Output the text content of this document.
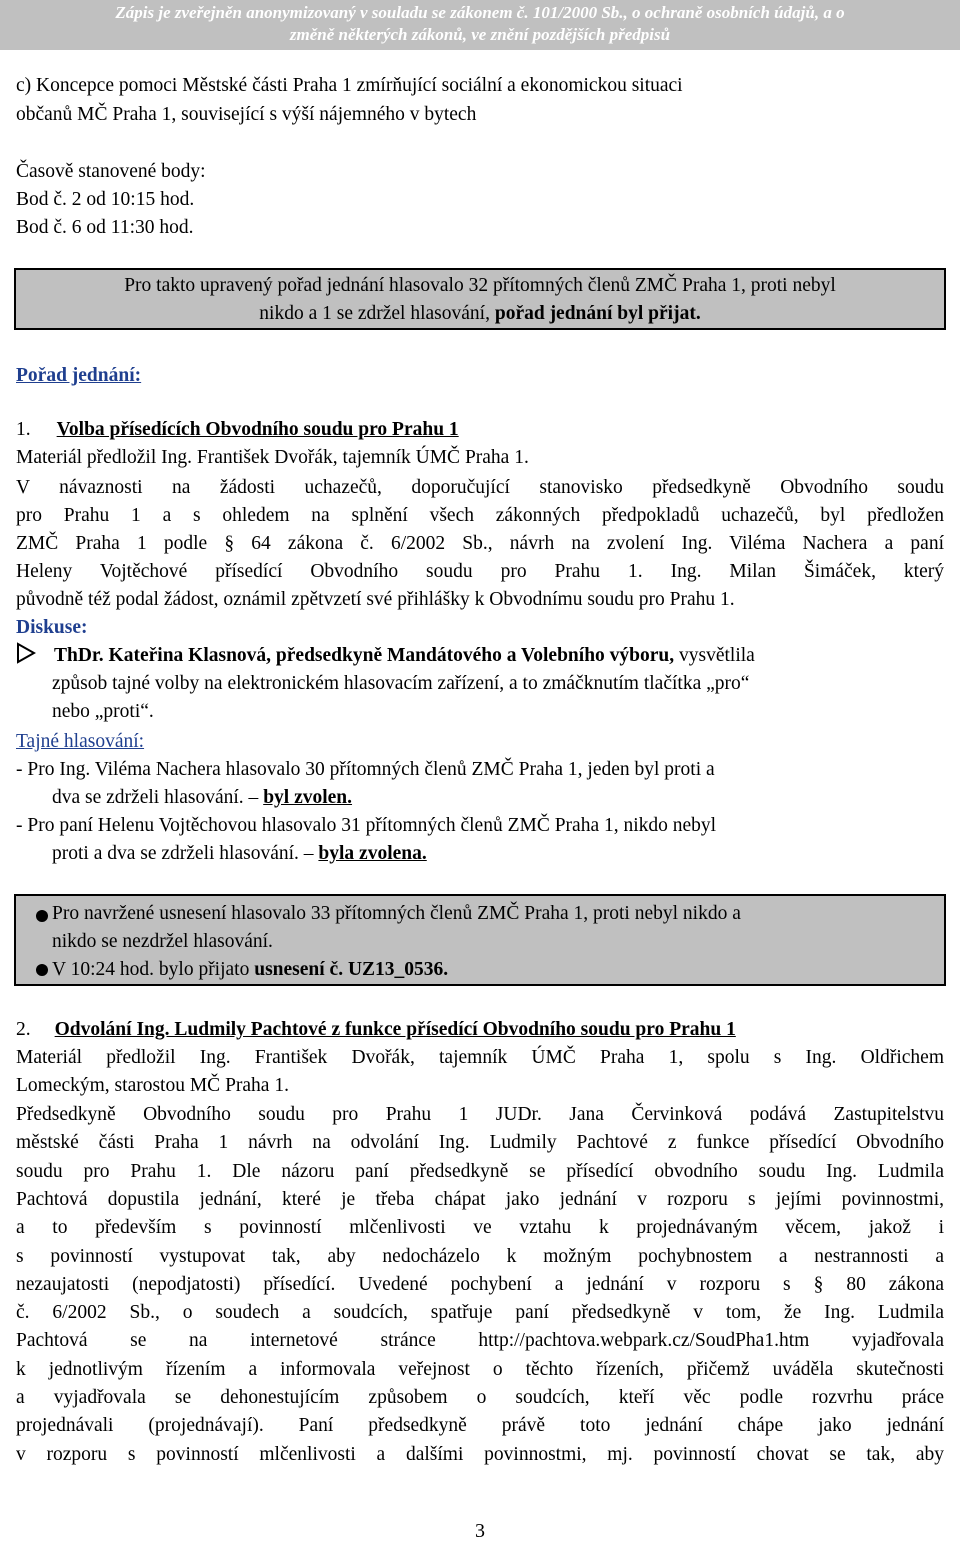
Zápis je zveřejněn anonymizovaný v souladu se zákonem č. 101/2000 Sb., o ochraně osobních údajů, a o
změně některých zákonů, ve znění pozdějších předpisů
c) Koncepce pomoci Městské části Praha 1 zmírňující sociální a ekonomickou situaci
občanů MČ Praha 1, související s výší nájemného v bytech
Časově stanovené body:
Bod č. 2 od 10:15 hod.
Bod č. 6 od 11:30 hod.
Pro takto upravený pořad jednání hlasovalo 32 přítomných členů ZMČ Praha 1, proti nebyl
nikdo a 1 se zdržel hlasování, pořad jednání byl přijat.
Pořad jednání:
1. Volba přísedících Obvodního soudu pro Prahu 1
Materiál předložil Ing. František Dvořák, tajemník ÚMČ Praha 1.
V návaznosti na žádosti uchazečů, doporučující stanovisko předsedkyně Obvodního soudu
pro Prahu 1 a s ohledem na splnění všech zákonných předpokladů uchazečů, byl předložen
ZMČ Praha 1 podle § 64 zákona č. 6/2002 Sb., návrh na zvolení Ing. Viléma Nachera a paní
Heleny Vojtěchové přísedící Obvodního soudu pro Prahu 1. Ing. Milan Šimáček, který
původně též podal žádost, oznámil zpětvzetí své přihlášky k Obvodnímu soudu pro Prahu 1.
Diskuse:
ThDr. Kateřina Klasnová, předsedkyně Mandátového a Volebního výboru, vysvětlila
způsob tajné volby na elektronickém hlasovacím zařízení, a to zmáčknutím tlačítka „pro“
nebo „proti“.
Tajné hlasování:
- Pro Ing. Viléma Nachera hlasovalo 30 přítomných členů ZMČ Praha 1, jeden byl proti a
dva se zdrželi hlasování. – byl zvolen.
- Pro paní Helenu Vojtěchovou hlasovalo 31 přítomných členů ZMČ Praha 1, nikdo nebyl
proti a dva se zdrželi hlasování. – byla zvolena.
Pro navržené usnesení hlasovalo 33 přítomných členů ZMČ Praha 1, proti nebyl nikdo a
nikdo se nezdržel hlasování.
V 10:24 hod. bylo přijato usnesení č. UZ13_0536.
2. Odvolání Ing. Ludmily Pachtové z funkce přísedící Obvodního soudu pro Prahu 1
Materiál předložil Ing. František Dvořák, tajemník ÚMČ Praha 1, spolu s Ing. Oldřichem
Lomeckým, starostou MČ Praha 1.
Předsedkyně Obvodního soudu pro Prahu 1 JUDr. Jana Červinková podává Zastupitelstvu
městské části Praha 1 návrh na odvolání Ing. Ludmily Pachtové z funkce přísedící Obvodního
soudu pro Prahu 1. Dle názoru paní předsedkyně se přísedící obvodního soudu Ing. Ludmila
Pachtová dopustila jednání, které je třeba chápat jako jednání v rozporu s jejími povinnostmi,
a to především s povinností mlčenlivosti ve vztahu k projednávaným věcem, jakož i
s povinností vystupovat tak, aby nedocházelo k možným pochybnostem a nestrannosti a
nezaujatosti (nepodjatosti) přísedící. Uvedené pochybení a jednání v rozporu s § 80 zákona
č. 6/2002 Sb., o soudech a soudcích, spatřuje paní předsedkyně v tom, že Ing. Ludmila
Pachtová se na internetové stránce http://pachtova.webpark.cz/SoudPha1.htm vyjadřovala
k jednotlivým řízením a informovala veřejnost o těchto řízeních, přičemž uváděla skutečnosti
a vyjadřovala se dehonestujícím způsobem o soudcích, kteří věc podle rozvrhu práce
projednávali (projednávají). Paní předsedkyně právě toto jednání chápe jako jednání
v rozporu s povinností mlčenlivosti a dalšími povinnostmi, mj. povinností chovat se tak, aby
3
